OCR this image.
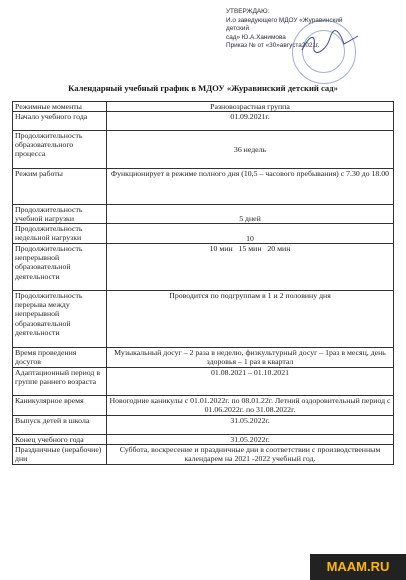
УТВЕРЖДАЮ:
И.о заведующего МДОУ «Журавинский
детский
сад» Ю.А.Ханимова
Приказ № от «30»августа2021г.
Календарный учебный график в МДОУ «Журавинский детский сад»
Режимные моменты	Разновозрастная группа
Начало учебного года	01.09.2021г.
Продолжительность образовательного процесса	36 недель
Режим работы	Функционирует в режиме полного дня (10,5 – часового пребывания) с 7.30 до 18.00
Продолжительность учебной нагрузки	5 дней
Продолжительность недельной нагрузки	10
Продолжительность непрерывной образовательной деятельности	10 мин   15 мин   20 мин
Продолжительность перерыва между непрерывной образовательной деятельности	Проводится по подгруппам в 1 и 2 половину дня
Время проведения досугов	Музыкальный досуг – 2 раза в неделю, физкультурный досуг – 1раз в месяц, день здоровья – 1 раз в квартал
Адаптационный период в группе раннего возраста	01.08.2021 – 01.10.2021
Каникулярное время	Новогодние каникулы с 01.01.2022г. по 08.01.22г. Летний оздоровительный период с 01.06.2022г. по 31.08.2022г.
Выпуск детей в школа	31.05.2022г.
Конец учебного года	31.05.2022г.
Праздничные (нерабочие) дни	Суббота, воскресение и праздничные дни в соответствии с производственным календарем на 2021 -2022 учебный год.
MAAM.RU
